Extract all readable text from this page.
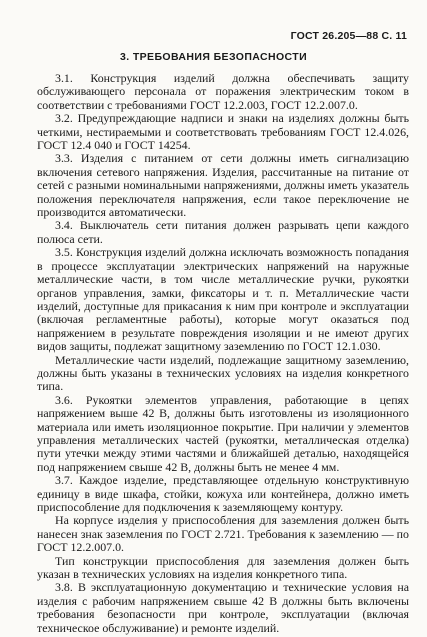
ГОСТ 26.205—88 С. 11
3. ТРЕБОВАНИЯ БЕЗОПАСНОСТИ

3.1. Конструкция изделий должна обеспечивать защиту обслуживающего персонала от поражения электрическим током в соответствии с требованиями ГОСТ 12.2.003, ГОСТ 12.2.007.0.

3.2. Предупреждающие надписи и знаки на изделиях должны быть четкими, нестираемыми и соответствовать требованиям ГОСТ 12.4.026, ГОСТ 12.4 040 и ГОСТ 14254.

3.3. Изделия с питанием от сети должны иметь сигнализацию включения сетевого напряжения. Изделия, рассчитанные на питание от сетей с разными номинальными напряжениями, должны иметь указатель положения переключателя напряжения, если такое переключение не производится автоматически.

3.4. Выключатель сети питания должен разрывать цепи каждого полюса сети.

3.5. Конструкция изделий должна исключать возможность попадания в процессе эксплуатации электрических напряжений на наружные металлические части, в том числе металлические ручки, рукоятки органов управления, замки, фиксаторы и т. п. Металлические части изделий, доступные для прикасания к ним при контроле и эксплуатации (включая регламентные работы), которые могут оказаться под напряжением в результате повреждения изоляции и не имеют других видов защиты, подлежат защитному заземлению по ГОСТ 12.1.030.

Металлические части изделий, подлежащие защитному заземлению, должны быть указаны в технических условиях на изделия конкретного типа.

3.6. Рукоятки элементов управления, работающие в цепях напряжением выше 42 В, должны быть изготовлены из изоляционного материала или иметь изоляционное покрытие. При наличии у элементов управления металлических частей (рукоятки, металлическая отделка) пути утечки между этими частями и ближайшей деталью, находящейся под напряжением свыше 42 В, должны быть не менее 4 мм.

3.7. Каждое изделие, представляющее отдельную конструктивную единицу в виде шкафа, стойки, кожуха или контейнера, должно иметь приспособление для подключения к заземляющему контуру.

На корпусе изделия у приспособления для заземления должен быть нанесен знак заземления по ГОСТ 2.721. Требования к заземлению — по ГОСТ 12.2.007.0.

Тип конструкции приспособления для заземления должен быть указан в технических условиях на изделия конкретного типа.

3.8. В эксплуатационную документацию и технические условия на изделия с рабочим напряжением свыше 42 В должны быть включены требования безопасности при контроле, эксплуатации (включая техническое обслуживание) и ремонте изделий.
